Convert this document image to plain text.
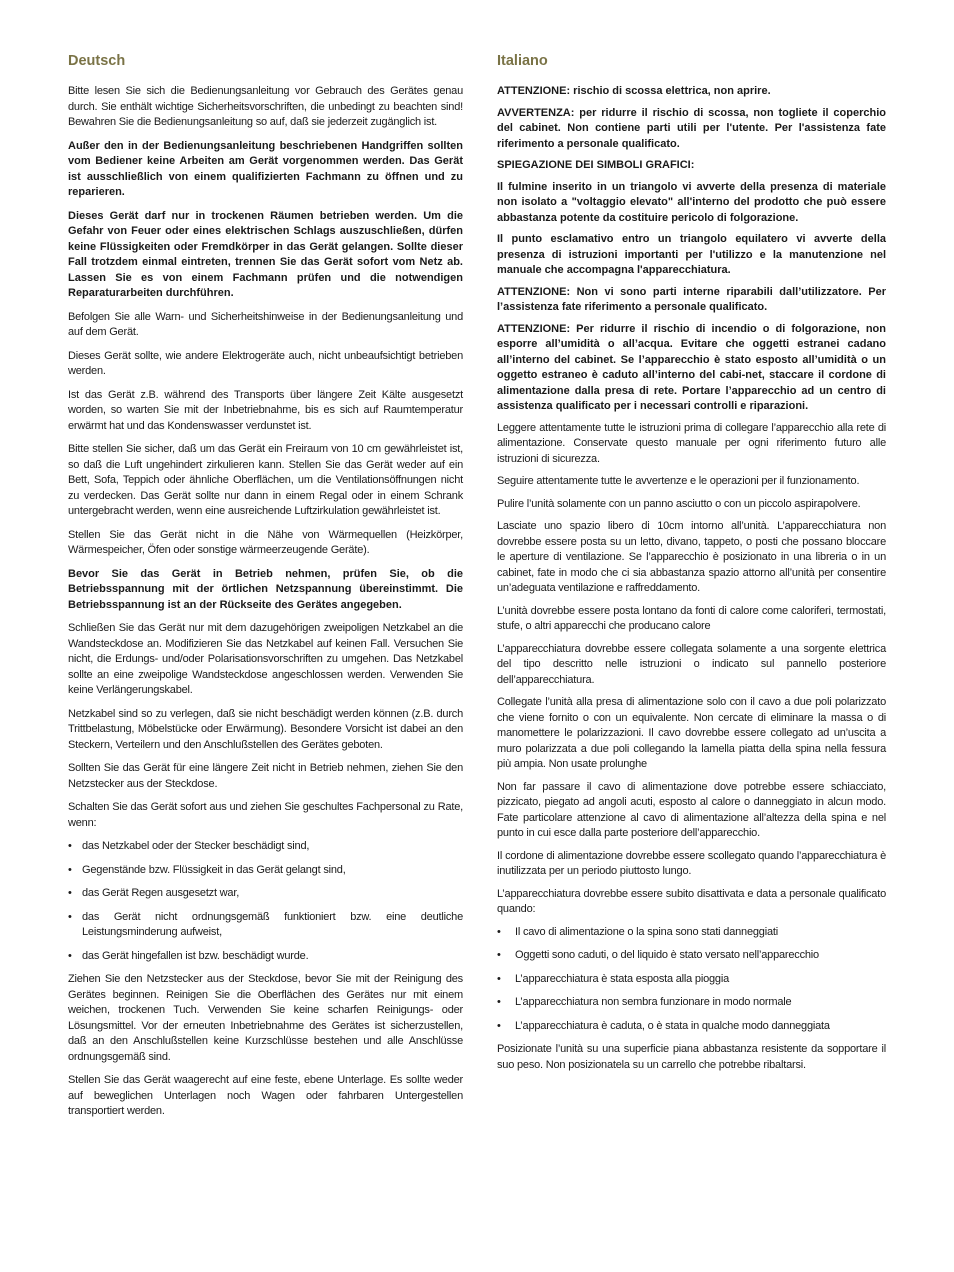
Deutsch

Bitte lesen Sie sich die Bedienungsanleitung vor Gebrauch des Gerätes genau durch. Sie enthält wichtige Sicherheitsvorschriften, die unbedingt zu beachten sind! Bewahren Sie die Bedienungsanleitung so auf, daß sie jederzeit zugänglich ist.

Außer den in der Bedienungsanleitung beschriebenen Handgriffen sollten vom Bediener keine Arbeiten am Gerät vorgenommen werden. Das Gerät ist ausschließlich von einem qualifizierten Fachmann zu öffnen und zu reparieren.

Dieses Gerät darf nur in trockenen Räumen betrieben werden. Um die Gefahr von Feuer oder eines elektrischen Schlags auszuschließen, dürfen keine Flüssigkeiten oder Fremdkörper in das Gerät gelangen. Sollte dieser Fall trotzdem einmal eintreten, trennen Sie das Gerät sofort vom Netz ab. Lassen Sie es von einem Fachmann prüfen und die notwendigen Reparaturarbeiten durchführen.

Befolgen Sie alle Warn- und Sicherheitshinweise in der Bedienungsanleitung und auf dem Gerät.

Dieses Gerät sollte, wie andere Elektrogeräte auch, nicht unbeaufsichtigt betrieben werden.

Ist das Gerät z.B. während des Transports über längere Zeit Kälte ausgesetzt worden, so warten Sie mit der Inbetriebnahme, bis es sich auf Raumtemperatur erwärmt hat und das Kondenswasser verdunstet ist.

Bitte stellen Sie sicher, daß um das Gerät ein Freiraum von 10 cm gewährleistet ist, so daß die Luft ungehindert zirkulieren kann. Stellen Sie das Gerät weder auf ein Bett, Sofa, Teppich oder ähnliche Oberflächen, um die Ventilationsöffnungen nicht zu verdecken. Das Gerät sollte nur dann in einem Regal oder in einem Schrank untergebracht werden, wenn eine ausreichende Luftzirkulation gewährleistet ist.

Stellen Sie das Gerät nicht in die Nähe von Wärmequellen (Heizkörper, Wärmespeicher, Öfen oder sonstige wärmeerzeugende Geräte).

Bevor Sie das Gerät in Betrieb nehmen, prüfen Sie, ob die Betriebsspannung mit der örtlichen Netzspannung übereinstimmt. Die Betriebsspannung ist an der Rückseite des Gerätes angegeben.

Schließen Sie das Gerät nur mit dem dazugehörigen zweipoligen Netzkabel an die Wandsteckdose an. Modifizieren Sie das Netzkabel auf keinen Fall. Versuchen Sie nicht, die Erdungs- und/oder Polarisationsvorschriften zu umgehen. Das Netzkabel sollte an eine zweipolige Wandsteckdose angeschlossen werden. Verwenden Sie keine Verlängerungskabel.

Netzkabel sind so zu verlegen, daß sie nicht beschädigt werden können (z.B. durch Trittbelastung, Möbelstücke oder Erwärmung). Besondere Vorsicht ist dabei an den Steckern, Verteilern und den Anschlußstellen des Gerätes geboten.

Sollten Sie das Gerät für eine längere Zeit nicht in Betrieb nehmen, ziehen Sie den Netzstecker aus der Steckdose.

Schalten Sie das Gerät sofort aus und ziehen Sie geschultes Fachpersonal zu Rate, wenn:

• das Netzkabel oder der Stecker beschädigt sind,
• Gegenstände bzw. Flüssigkeit in das Gerät gelangt sind,
• das Gerät Regen ausgesetzt war,
• das Gerät nicht ordnungsgemäß funktioniert bzw. eine deutliche Leistungsminderung aufweist,
• das Gerät hingefallen ist bzw. beschädigt wurde.

Ziehen Sie den Netzstecker aus der Steckdose, bevor Sie mit der Reinigung des Gerätes beginnen. Reinigen Sie die Oberflächen des Gerätes nur mit einem weichen, trockenen Tuch. Verwenden Sie keine scharfen Reinigungs- oder Lösungsmittel. Vor der erneuten Inbetriebnahme des Gerätes ist sicherzustellen, daß an den Anschlußstellen keine Kurzschlüsse bestehen und alle Anschlüsse ordnungsgemäß sind.

Stellen Sie das Gerät waagerecht auf eine feste, ebene Unterlage. Es sollte weder auf beweglichen Unterlagen noch Wagen oder fahrbaren Untergestellen transportiert werden.

Italiano

ATTENZIONE: rischio di scossa elettrica, non aprire.

AVVERTENZA: per ridurre il rischio di scossa, non togliete il coperchio del cabinet. Non contiene parti utili per l'utente. Per l'assistenza fate riferimento a personale qualificato.

SPIEGAZIONE DEI SIMBOLI GRAFICI:

Il fulmine inserito in un triangolo vi avverte della presenza di materiale non isolato a "voltaggio elevato" all'interno del prodotto che può essere abbastanza potente da costituire pericolo di folgorazione.

Il punto esclamativo entro un triangolo equilatero vi avverte della presenza di istruzioni importanti per l'utilizzo e la manutenzione nel manuale che accompagna l'apparecchiatura.

ATTENZIONE: Non vi sono parti interne riparabili dall’utilizzatore. Per l’assistenza fate riferimento a personale qualificato.

ATTENZIONE: Per ridurre il rischio di incendio o di folgorazione, non esporre all’umidità o all’acqua. Evitare che oggetti estranei cadano all’interno del cabinet. Se l’apparecchio è stato esposto all’umidità o un oggetto estraneo è caduto all’interno del cabi-net, staccare il cordone di alimentazione dalla presa di rete. Portare l’apparecchio ad un centro di assistenza qualificato per i necessari controlli e riparazioni.

Leggere attentamente tutte le istruzioni prima di collegare l’apparecchio alla rete di alimentazione. Conservate questo manuale per ogni riferimento futuro alle istruzioni di sicurezza.

Seguire attentamente tutte le avvertenze e le operazioni per il funzionamento.

Pulire l’unità solamente con un panno asciutto o con un piccolo aspirapolvere.

Lasciate uno spazio libero di 10cm intorno all’unità. L’apparecchiatura non dovrebbe essere posta su un letto, divano, tappeto, o posti che possano bloccare le aperture di ventilazione. Se l’apparecchio è posizionato in una libreria o in un cabinet, fate in modo che ci sia abbastanza spazio attorno all’unità per consentire un’adeguata ventilazione e raffreddamento.

L’unità dovrebbe essere posta lontano da fonti di calore come caloriferi, termostati, stufe, o altri apparecchi che producano calore

L’apparecchiatura dovrebbe essere collegata solamente a una sorgente elettrica del tipo descritto nelle istruzioni o indicato sul pannello posteriore dell’apparecchiatura.

Collegate l’unità alla presa di alimentazione solo con il cavo a due poli polarizzato che viene fornito o con un equivalente. Non cercate di eliminare la massa o di manomettere le polarizzazioni. Il cavo dovrebbe essere collegato ad un’uscita a muro polarizzata a due poli collegando la lamella piatta della spina nella fessura più ampia. Non usate prolunghe

Non far passare il cavo di alimentazione dove potrebbe essere schiacciato, pizzicato, piegato ad angoli acuti, esposto al calore o danneggiato in alcun modo. Fate particolare attenzione al cavo di alimentazione all’altezza della spina e nel punto in cui esce dalla parte posteriore dell’apparecchio.

Il cordone di alimentazione dovrebbe essere scollegato quando l’apparecchiatura è inutilizzata per un periodo piuttosto lungo.

L’apparecchiatura dovrebbe essere subito disattivata e data a personale qualificato quando:

•	Il cavo di alimentazione o la spina sono stati danneggiati
•	Oggetti sono caduti, o del liquido è stato versato nell’apparecchio
•	L’apparecchiatura è stata esposta alla pioggia
•	L’apparecchiatura non sembra funzionare in modo normale
•	L’apparecchiatura è caduta, o è stata in qualche modo danneggiata

Posizionate l’unità su una superficie piana abbastanza resistente da sopportare il suo peso. Non posizionatela su un carrello che potrebbe ribaltarsi.
